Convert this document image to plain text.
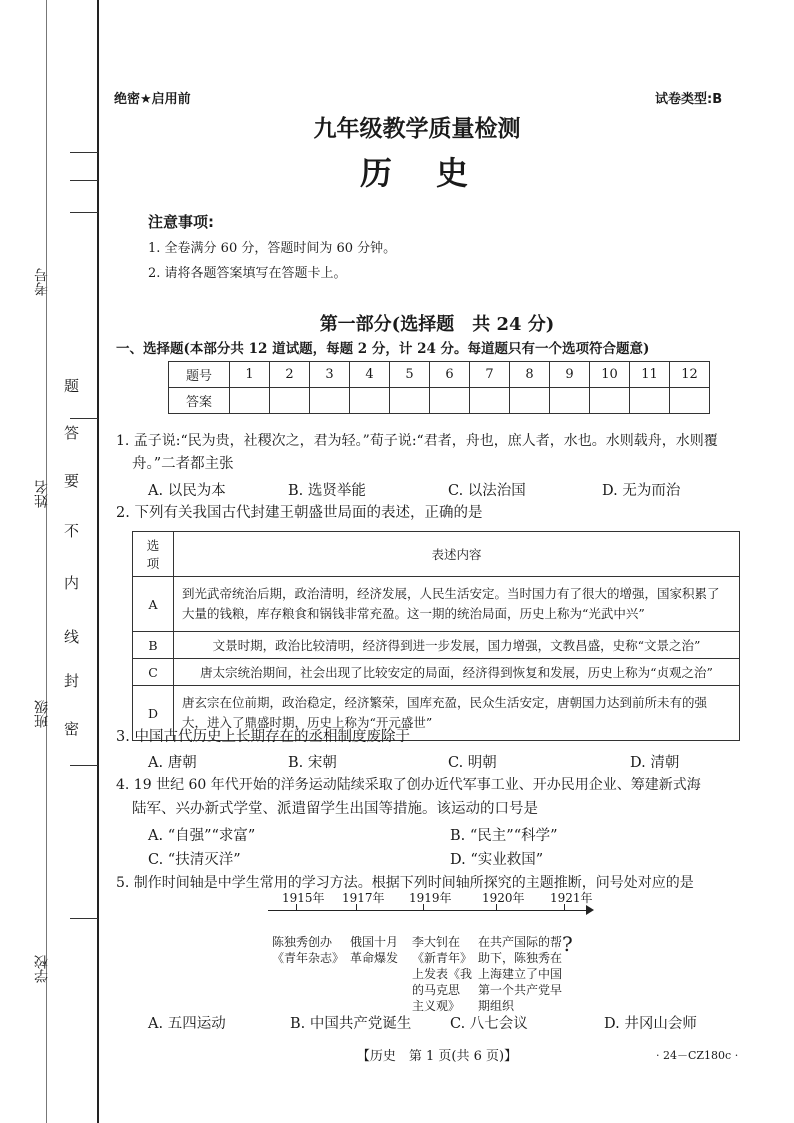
考号
姓名
班级
学校
题
答
要
不
内
线
封
密
绝密★启用前	试卷类型:B
九年级教学质量检测
历　史
注意事项:
1. 全卷满分 60 分，答题时间为 60 分钟。
2. 请将各题答案填写在答题卡上。
第一部分(选择题　共 24 分)
一、选择题(本部分共 12 道试题，每题 2 分，计 24 分。每道题只有一个选项符合题意)
题号	1	2	3	4	5	6	7	8	9	10	11	12
答案												
1. 孟子说:“民为贵，社稷次之，君为轻。”荀子说:“君者，舟也，庶人者，水也。水则载舟，水则覆
舟。”二者都主张
A. 以民为本	B. 选贤举能	C. 以法治国	D. 无为而治
2. 下列有关我国古代封建王朝盛世局面的表述，正确的是
选项	表述内容
A	到光武帝统治后期，政治清明，经济发展，人民生活安定。当时国力有了很大的增强，国家积累了大量的钱粮，库存粮食和锅钱非常充盈。这一期的统治局面，历史上称为“光武中兴”
B	文景时期，政治比较清明，经济得到进一步发展，国力增强，文教昌盛，史称“文景之治”
C	唐太宗统治期间，社会出现了比较安定的局面，经济得到恢复和发展，历史上称为“贞观之治”
D	唐玄宗在位前期，政治稳定，经济繁荣，国库充盈，民众生活安定，唐朝国力达到前所未有的强大，进入了鼎盛时期，历史上称为“开元盛世”
3. 中国古代历史上长期存在的丞相制度废除于
A. 唐朝	B. 宋朝	C. 明朝	D. 清朝
4. 19 世纪 60 年代开始的洋务运动陆续采取了创办近代军事工业、开办民用企业、筹建新式海
陆军、兴办新式学堂、派遣留学生出国等措施。该运动的口号是
A. “自强”“求富”	B. “民主”“科学”
C. “扶清灭洋”	D. “实业救国”
5. 制作时间轴是中学生常用的学习方法。根据下列时间轴所探究的主题推断，问号处对应的是
1915年 1917年 1919年	1920年 1921年
陈独秀创办
《青年杂志》
俄国十月
革命爆发
李大钊在
《新青年》
上发表《我
的马克思
主义观》
在共产国际的帮
助下，陈独秀在
上海建立了中国
第一个共产党早
期组织
?
A. 五四运动	B. 中国共产党诞生	C. 八七会议	D. 井冈山会师
【历史　第 1 页(共 6 页)】	· 24－CZ180c ·
